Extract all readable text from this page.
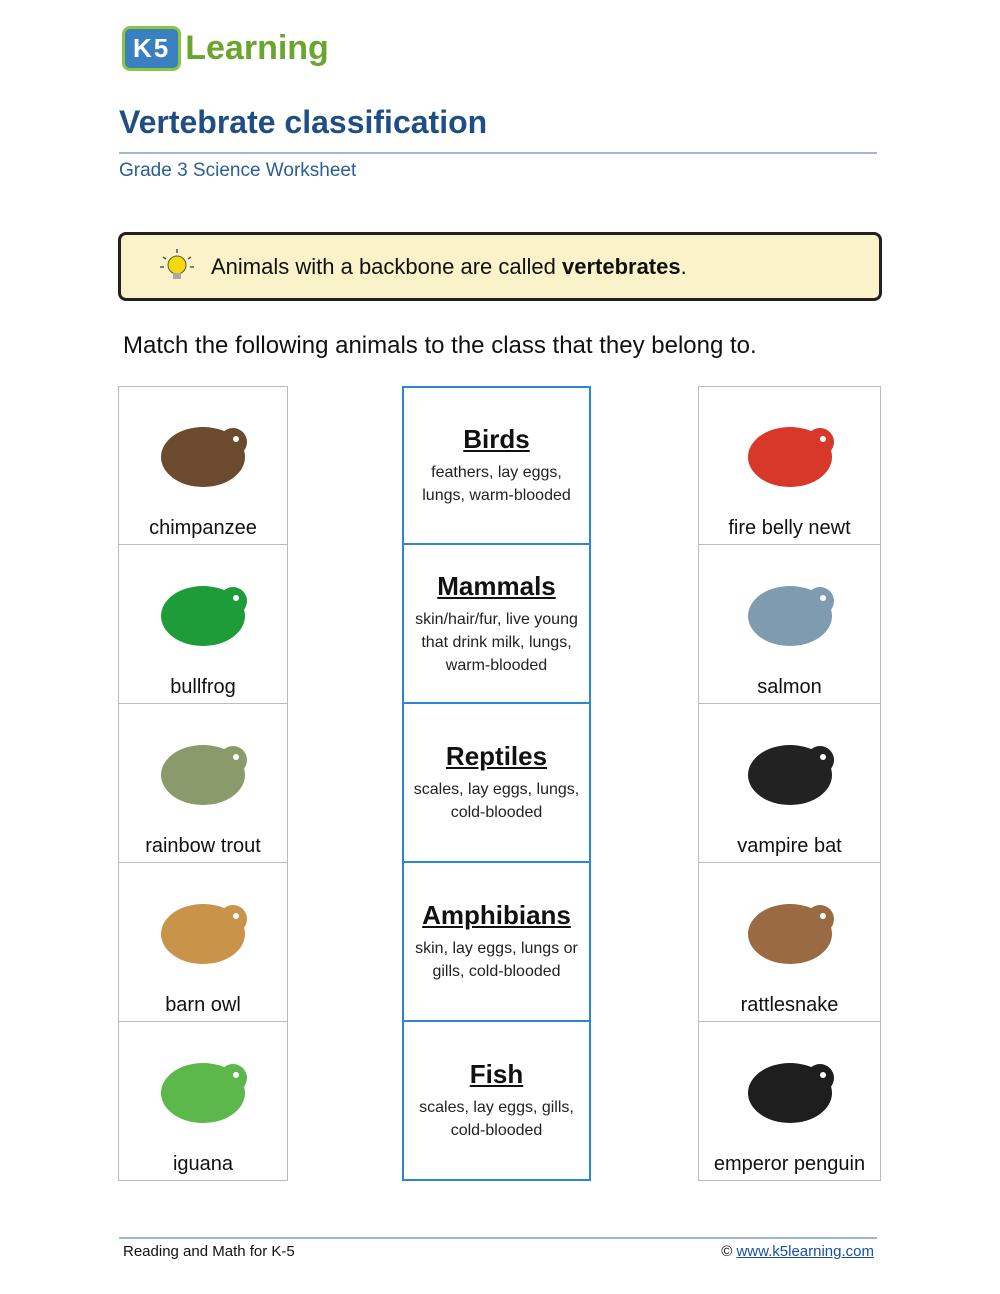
K5 Learning
Vertebrate classification
Grade 3 Science Worksheet
Animals with a backbone are called vertebrates.
Match the following animals to the class that they belong to.
chimpanzee
bullfrog
rainbow trout
barn owl
iguana
Birds
feathers, lay eggs, lungs, warm-blooded
Mammals
skin/hair/fur, live young that drink milk, lungs, warm-blooded
Reptiles
scales, lay eggs, lungs, cold-blooded
Amphibians
skin, lay eggs, lungs or gills, cold-blooded
Fish
scales, lay eggs, gills, cold-blooded
fire belly newt
salmon
vampire bat
rattlesnake
emperor penguin
Reading and Math for K-5	© www.k5learning.com
